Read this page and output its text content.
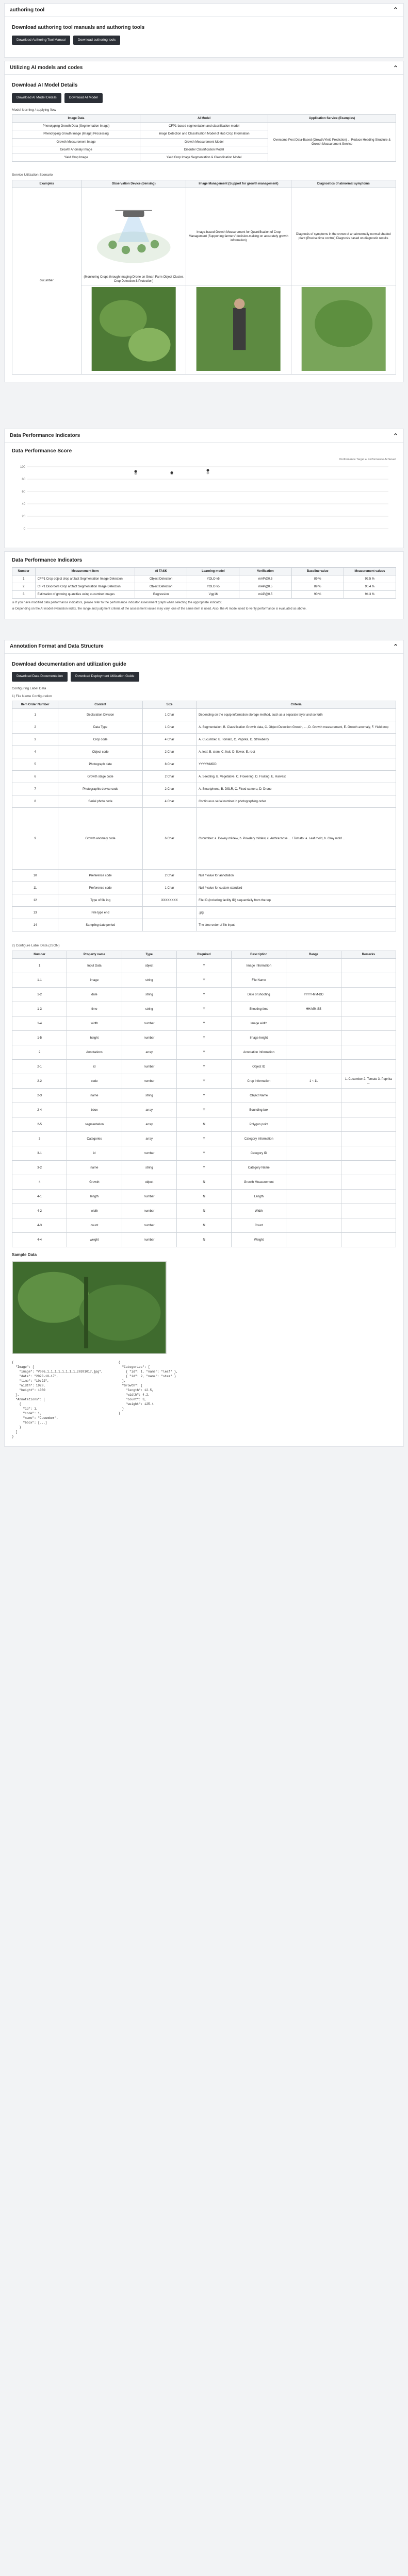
authoring tool	⌃
Download authoring tool manuals and authoring tools
Download Authoring Tool Manual	Download authoring tools
Utilizing AI models and codes	⌃
Download AI Model Details
Download AI Model Details	Download AI Model
Model learning / applying flow
Image Data	AI Model	Application Service (Examples)
Phenotyping Growth Data (Segmentation Image)	CFP1-based segmentation and classification model	Overcome Pest Data-Based (Growth/Yield Prediction) ... Reduce Heading Structure & Growth Measurement Service
Phenotyping Growth Image (Image) Processing	Image Detection and Classification Model of Hub Crop Information	
Growth Measurement Image	Growth Measurement Model	
Growth Anomaly Image	Disorder Classification Model	
Yield Crop Image	Yield Crop Image Segmentation & Classification Model	
Service Utilization Scenario
Examples	Observation Device (Sensing)	Image Management (Support for growth management)	Diagnostics of abnormal symptoms
cucumber	(Monitoring Crops through Imaging Drone on Smart Farm Object Cluster, Crop Detection & Protection)	Image-based Growth Measurement for Quantification of Crop Management (Supporting farmers' decision-making on accurately growth information)	Diagnosis of symptoms in the crown of an abnormally normal shaded plant (Precise time control) Diagnosis based on diagnostic results

Data Performance Indicators	⌃
Data Performance Score
Performance Target ● Performance Achieved
100
80
60
40
20
0
Data Performance Indicators
Number	Measurement Item	AI TASK	Learning model	Verification	Baseline value	Measurement values
1	CFP1 Crop object drop artifact Segmentation Image Detection	Object Detection	YOLO v5	mAP@0.5	89 %	92.5 %
2	CFP1 Disorders Crop artifact Segmentation Image Detection	Object Detection	YOLO v5	mAP@0.5	89 %	90.4 %
3	Estimation of growing quantities using cucumber images	Regression	Vgg16	mAP@0.5	90 %	94.3 %
※ If you have modified data performance indicators, please refer to the performance indicator assessment graph when selecting the appropriate indicator.
※ Depending on the AI model evaluation index, the range and judgment criteria of the assessment values may vary; one of the same item is used. Also, the AI model used to verify performance is evaluated as above.
Annotation Format and Data Structure	⌃
Download documentation and utilization guide
Download Data Documentation	Download Deployment Utilization Guide
Configuring Label Data
1) File Name Configuration
Item Order Number	Content	Size	Criteria
1	Declaration Division	1 Char	Depending on the equip information storage method, such as a separate layer and so forth
2	Data Type	1 Char	A. Segmentation, B. Classification Growth data, C. Object Detection Growth, ..., D. Growth measurement, E. Growth anomaly, F. Yield crop
3	Crop code	4 Char	A. Cucumber, B. Tomato, C. Paprika, D. Strawberry
4	Object code	2 Char	A. leaf, B. stem, C. fruit, D. flower, E. root
5	Photograph date	8 Char	YYYYMMDD
6	Growth stage code	2 Char	A. Seedling, B. Vegetative, C. Flowering, D. Fruiting, E. Harvest
7	Photographic device code	2 Char	A. Smartphone, B. DSLR, C. Fixed camera, D. Drone
8	Serial photo code	4 Char	Continuous serial number in photographing order
9	Growth anomaly code	6 Char	Cucumber: a. Downy mildew, b. Powdery mildew, c. Anthracnose ... / Tomato: a. Leaf mold, b. Gray mold ...
10	Preference code	2 Char	Null / value for annotation
11	Preference code	1 Char	Null / value for custom standard
12	Type of file ing	XXXXXXXX	File ID (including facility ID) sequentially from the top
13	File type end		.jpg
14	Sampling date period		The time order of file input
2) Configure Label Data (JSON)
Number	Property name	Type	Required	Description	Range	Remarks
1	Input Data	object	Y	Image Information		
1-1	image	string	Y	File Name		
1-2	date	string	Y	Date of shooting	YYYY-MM-DD	
1-3	time	string	Y	Shooting time	HH:MM:SS	
1-4	width	number	Y	Image width		
1-5	height	number	Y	Image height		
2	Annotations	array	Y	Annotation Information		
2-1	id	number	Y	Object ID		
2-2	code	number	Y	Crop Information	1 ~ 11	1. Cucumber 2. Tomato 3. Paprika ...
2-3	name	string	Y	Object Name		
2-4	bbox	array	Y	Bounding box		
2-5	segmentation	array	N	Polygon point		
3	Categories	array	Y	Category Information		
3-1	id	number	Y	Category ID		
3-2	name	string	Y	Category Name		
4	Growth	object	N	Growth Measurement		
4-1	length	number	N	Length		
4-2	width	number	N	Width		
4-3	count	number	N	Count		
4-4	weight	number	N	Weight		
Sample Data
{
"Image": {
"image": "V006_1_1_1_1_1_1_1_1_20201017.jpg",
"date": "2020-10-17",
"time": "10:22",
"width": 1920,
"height": 1080
},
"Annotations": [
{
"id": 1,
"code": 1,
"name": "Cucumber",
"bbox": [...]
}
]
}
{
"Categories": [
{ "id": 1, "name": "leaf" },
{ "id": 2, "name": "stem" }
],
"Growth": {
"length": 12.5,
"width": 4.2,
"count": 3,
"weight": 125.4
}
}
